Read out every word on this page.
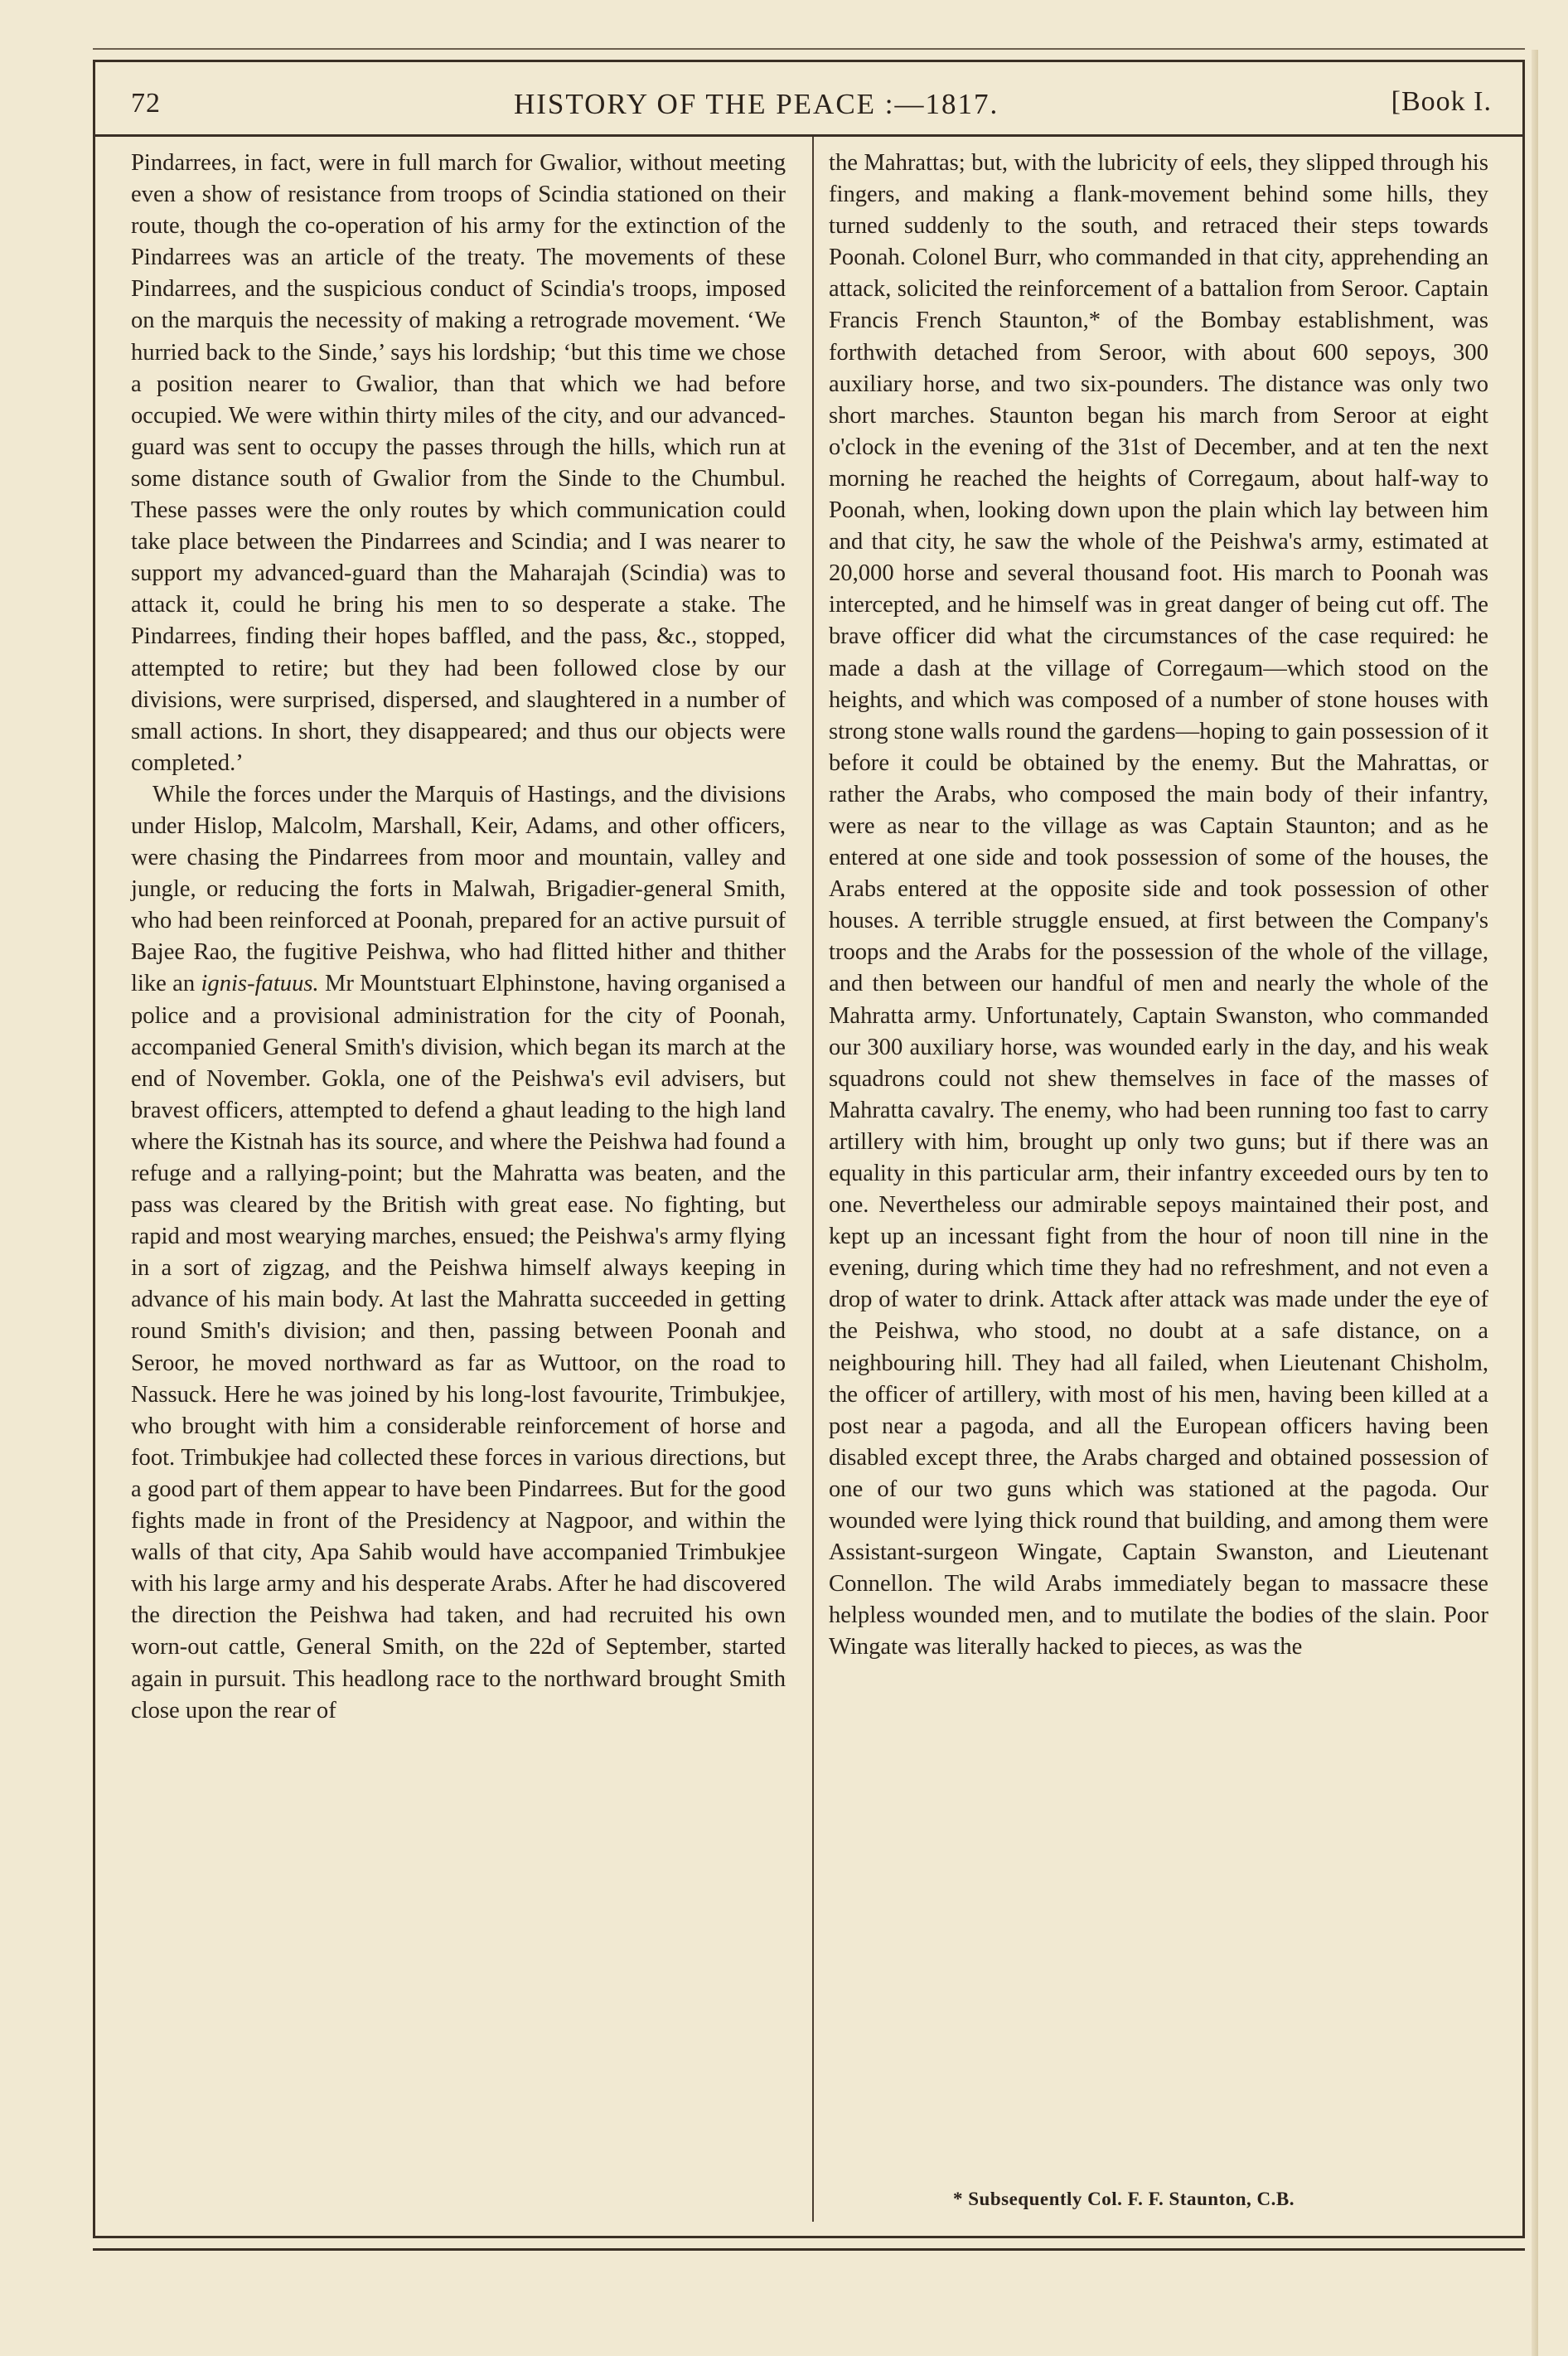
72	HISTORY OF THE PEACE :—1817.	[Book I.

Pindarrees, in fact, were in full march for Gwalior, without meeting even a show of resistance from troops of Scindia stationed on their route, though the co-operation of his army for the extinction of the Pindarrees was an article of the treaty. The movements of these Pindarrees, and the suspicious conduct of Scindia's troops, imposed on the marquis the necessity of making a retrograde movement. ‘We hurried back to the Sinde,’ says his lordship; ‘but this time we chose a position nearer to Gwalior, than that which we had before occupied. We were within thirty miles of the city, and our advanced-guard was sent to occupy the passes through the hills, which run at some distance south of Gwalior from the Sinde to the Chumbul. These passes were the only routes by which communication could take place between the Pindarrees and Scindia; and I was nearer to support my advanced-guard than the Maharajah (Scindia) was to attack it, could he bring his men to so desperate a stake. The Pindarrees, finding their hopes baffled, and the pass, &c., stopped, attempted to retire; but they had been followed close by our divisions, were surprised, dispersed, and slaughtered in a number of small actions. In short, they disappeared; and thus our objects were completed.’

While the forces under the Marquis of Hastings, and the divisions under Hislop, Malcolm, Marshall, Keir, Adams, and other officers, were chasing the Pindarrees from moor and mountain, valley and jungle, or reducing the forts in Malwah, Brigadier-general Smith, who had been reinforced at Poonah, prepared for an active pursuit of Bajee Rao, the fugitive Peishwa, who had flitted hither and thither like an ignis-fatuus. Mr Mountstuart Elphinstone, having organised a police and a provisional administration for the city of Poonah, accompanied General Smith's division, which began its march at the end of November. Gokla, one of the Peishwa's evil advisers, but bravest officers, attempted to defend a ghaut leading to the high land where the Kistnah has its source, and where the Peishwa had found a refuge and a rallying-point; but the Mahratta was beaten, and the pass was cleared by the British with great ease. No fighting, but rapid and most wearying marches, ensued; the Peishwa's army flying in a sort of zigzag, and the Peishwa himself always keeping in advance of his main body. At last the Mahratta succeeded in getting round Smith's division; and then, passing between Poonah and Seroor, he moved northward as far as Wuttoor, on the road to Nassuck. Here he was joined by his long-lost favourite, Trimbukjee, who brought with him a considerable reinforcement of horse and foot. Trimbukjee had collected these forces in various directions, but a good part of them appear to have been Pindarrees. But for the good fights made in front of the Presidency at Nagpoor, and within the walls of that city, Apa Sahib would have accompanied Trimbukjee with his large army and his desperate Arabs. After he had discovered the direction the Peishwa had taken, and had recruited his own worn-out cattle, General Smith, on the 22d of September, started again in pursuit. This headlong race to the northward brought Smith close upon the rear of

the Mahrattas; but, with the lubricity of eels, they slipped through his fingers, and making a flank-movement behind some hills, they turned suddenly to the south, and retraced their steps towards Poonah. Colonel Burr, who commanded in that city, apprehending an attack, solicited the reinforcement of a battalion from Seroor. Captain Francis French Staunton,* of the Bombay establishment, was forthwith detached from Seroor, with about 600 sepoys, 300 auxiliary horse, and two six-pounders. The distance was only two short marches. Staunton began his march from Seroor at eight o'clock in the evening of the 31st of December, and at ten the next morning he reached the heights of Corregaum, about half-way to Poonah, when, looking down upon the plain which lay between him and that city, he saw the whole of the Peishwa's army, estimated at 20,000 horse and several thousand foot. His march to Poonah was intercepted, and he himself was in great danger of being cut off. The brave officer did what the circumstances of the case required: he made a dash at the village of Corregaum—which stood on the heights, and which was composed of a number of stone houses with strong stone walls round the gardens—hoping to gain possession of it before it could be obtained by the enemy. But the Mahrattas, or rather the Arabs, who composed the main body of their infantry, were as near to the village as was Captain Staunton; and as he entered at one side and took possession of some of the houses, the Arabs entered at the opposite side and took possession of other houses. A terrible struggle ensued, at first between the Company's troops and the Arabs for the possession of the whole of the village, and then between our handful of men and nearly the whole of the Mahratta army. Unfortunately, Captain Swanston, who commanded our 300 auxiliary horse, was wounded early in the day, and his weak squadrons could not shew themselves in face of the masses of Mahratta cavalry. The enemy, who had been running too fast to carry artillery with him, brought up only two guns; but if there was an equality in this particular arm, their infantry exceeded ours by ten to one. Nevertheless our admirable sepoys maintained their post, and kept up an incessant fight from the hour of noon till nine in the evening, during which time they had no refreshment, and not even a drop of water to drink. Attack after attack was made under the eye of the Peishwa, who stood, no doubt at a safe distance, on a neighbouring hill. They had all failed, when Lieutenant Chisholm, the officer of artillery, with most of his men, having been killed at a post near a pagoda, and all the European officers having been disabled except three, the Arabs charged and obtained possession of one of our two guns which was stationed at the pagoda. Our wounded were lying thick round that building, and among them were Assistant-surgeon Wingate, Captain Swanston, and Lieutenant Connellon. The wild Arabs immediately began to massacre these helpless wounded men, and to mutilate the bodies of the slain. Poor Wingate was literally hacked to pieces, as was the

* Subsequently Col. F. F. Staunton, C.B.
